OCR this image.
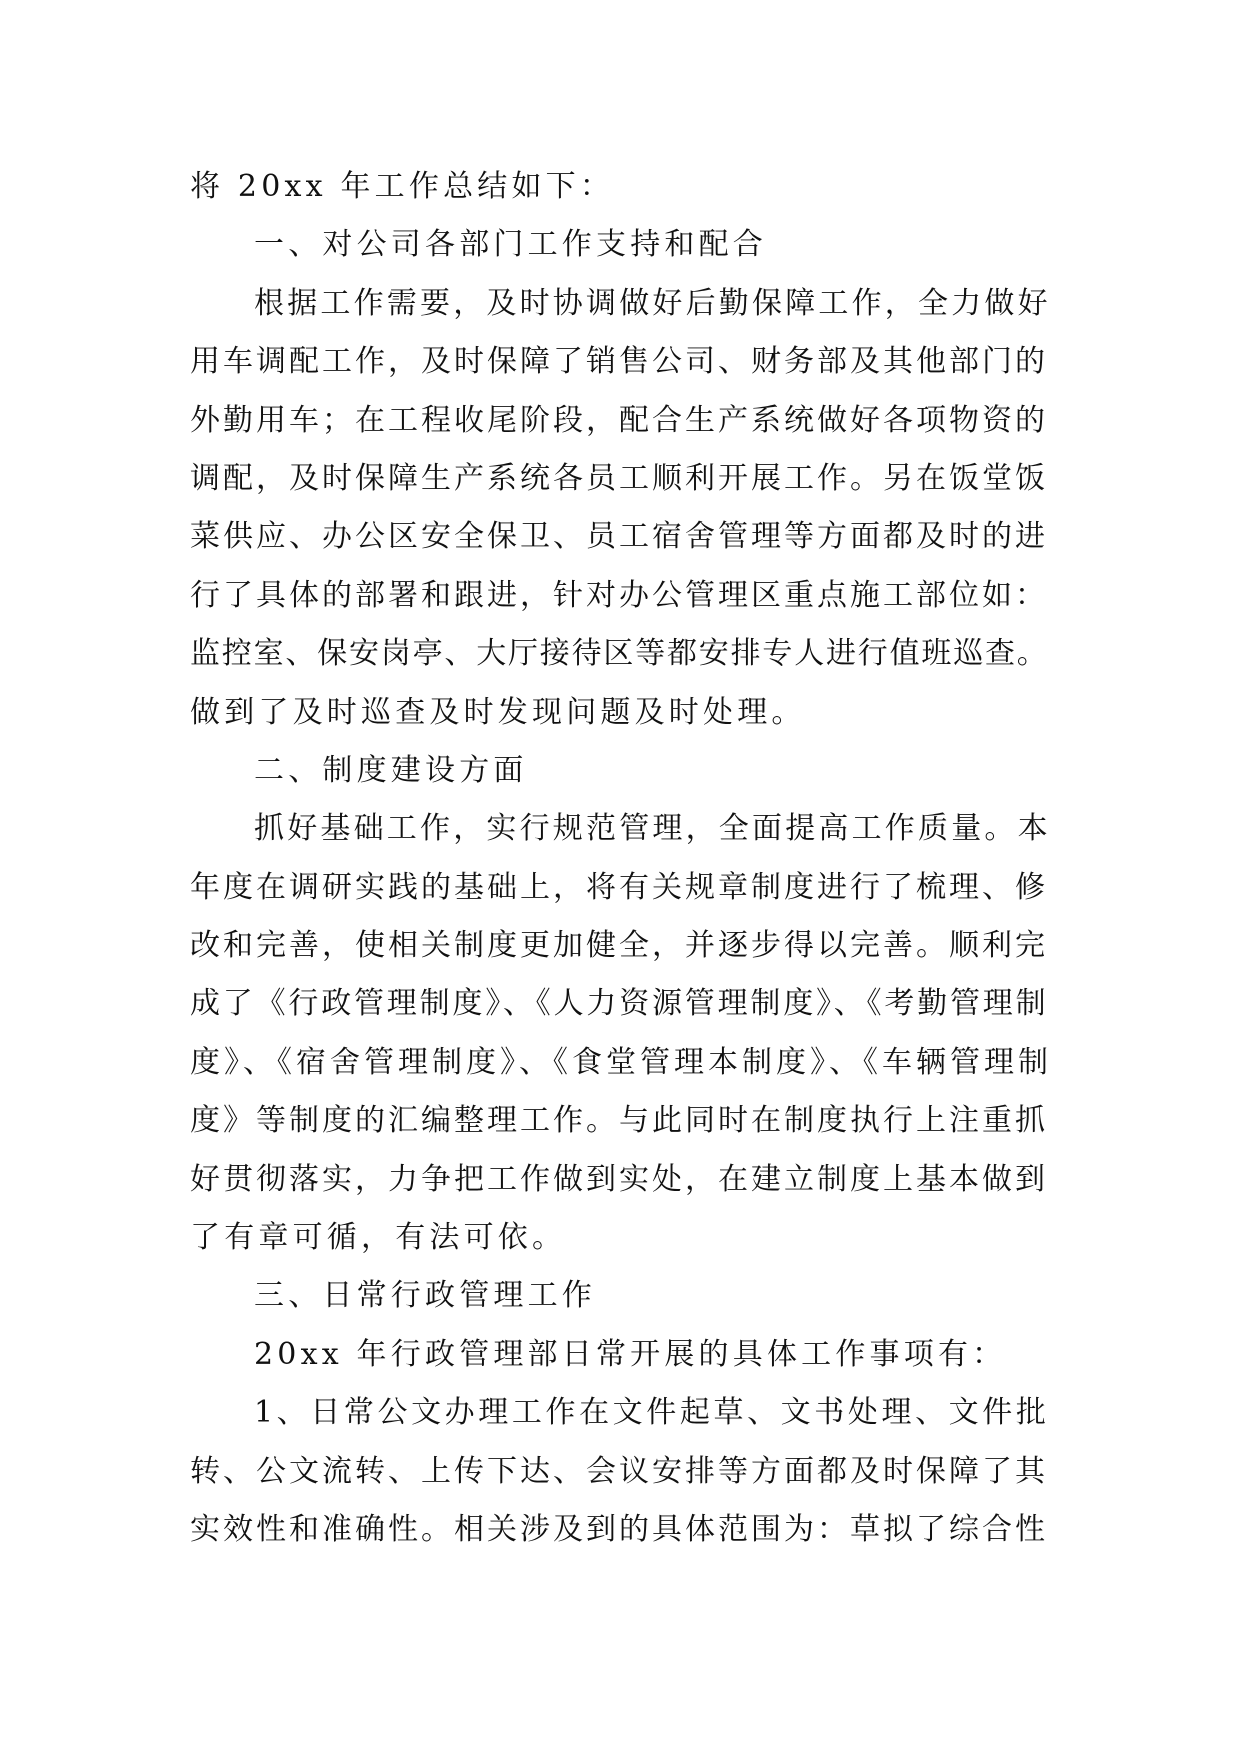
将 20xx 年工作总结如下：
一、对公司各部门工作支持和配合
根据工作需要，及时协调做好后勤保障工作，全力做好
用车调配工作，及时保障了销售公司、财务部及其他部门的
外勤用车；在工程收尾阶段，配合生产系统做好各项物资的
调配，及时保障生产系统各员工顺利开展工作。另在饭堂饭
菜供应、办公区安全保卫、员工宿舍管理等方面都及时的进
行了具体的部署和跟进，针对办公管理区重点施工部位如：
监控室、保安岗亭、大厅接待区等都安排专人进行值班巡查。
做到了及时巡查及时发现问题及时处理。
二、制度建设方面
抓好基础工作，实行规范管理，全面提高工作质量。本
年度在调研实践的基础上，将有关规章制度进行了梳理、修
改和完善，使相关制度更加健全，并逐步得以完善。顺利完
成了《行政管理制度》、《人力资源管理制度》、《考勤管理制
度》、《宿舍管理制度》、《食堂管理本制度》、《车辆管理制
度》等制度的汇编整理工作。与此同时在制度执行上注重抓
好贯彻落实，力争把工作做到实处，在建立制度上基本做到
了有章可循，有法可依。
三、日常行政管理工作
20xx 年行政管理部日常开展的具体工作事项有：
1、日常公文办理工作在文件起草、文书处理、文件批
转、公文流转、上传下达、会议安排等方面都及时保障了其
实效性和准确性。相关涉及到的具体范围为：草拟了综合性
